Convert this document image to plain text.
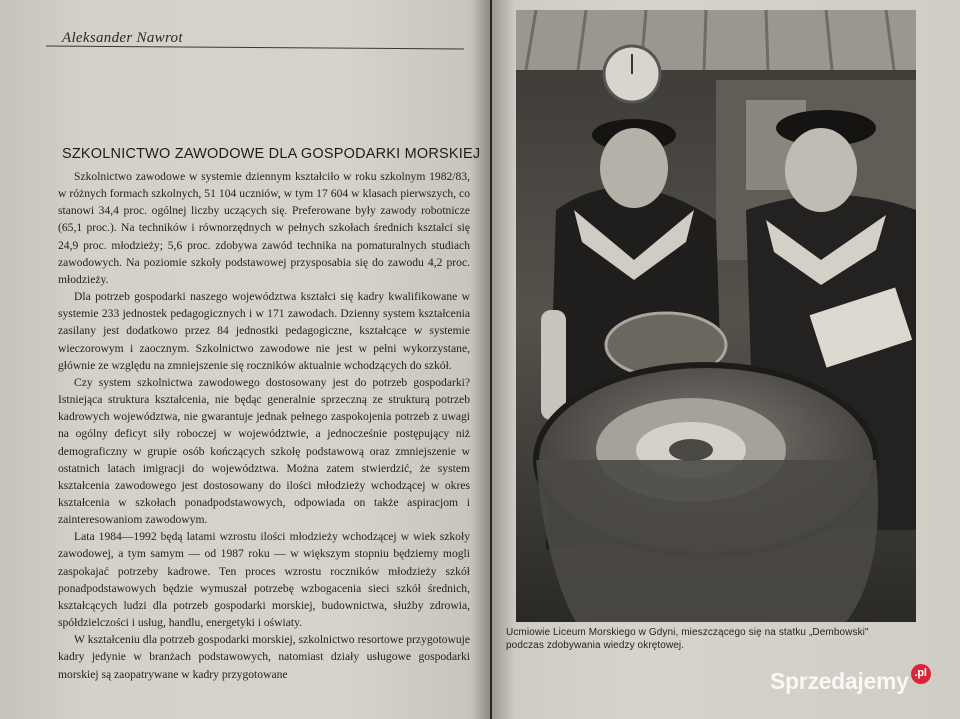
Aleksander Nawrot
SZKOLNICTWO ZAWODOWE DLA GOSPODARKI MORSKIEJ

Szkolnictwo zawodowe w systemie dziennym kształciło w roku szkolnym 1982/83, w różnych formach szkolnych, 51 104 uczniów, w tym 17 604 w klasach pierwszych, co stanowi 34,4 proc. ogólnej liczby uczących się. Preferowane były zawody robotnicze (65,1 proc.). Na techników i równorzędnych w pełnych szkołach średnich kształci się 24,9 proc. młodzieży; 5,6 proc. zdobywa zawód technika na pomaturalnych studiach zawodowych. Na poziomie szkoły podstawowej przysposabia się do zawodu 4,2 proc. młodzieży.

Dla potrzeb gospodarki naszego województwa kształci się kadry kwalifikowane w systemie 233 jednostek pedagogicznych i w 171 zawodach. Dzienny system kształcenia zasilany jest dodatkowo przez 84 jednostki pedagogiczne, kształcące w systemie wieczorowym i zaocznym. Szkolnictwo zawodowe nie jest w pełni wykorzystane, głównie ze względu na zmniejszenie się roczników aktualnie wchodzących do szkół.

Czy system szkolnictwa zawodowego dostosowany jest do potrzeb gospodarki? Istniejąca struktura kształcenia, nie będąc generalnie sprzeczną ze strukturą potrzeb kadrowych województwa, nie gwarantuje jednak pełnego zaspokojenia potrzeb z uwagi na ogólny deficyt siły roboczej w województwie, a jednocześnie postępujący niż demograficzny w grupie osób kończących szkołę podstawową oraz zmniejszenie w ostatnich latach imigracji do województwa. Można zatem stwierdzić, że system kształcenia zawodowego jest dostosowany do ilości młodzieży wchodzącej w okres kształcenia w szkołach ponadpodstawowych, odpowiada on także aspiracjom i zainteresowaniom zawodowym.

Lata 1984—1992 będą latami wzrostu ilości młodzieży wchodzącej w wiek szkoły zawodowej, a tym samym — od 1987 roku — w większym stopniu będziemy mogli zaspokajać potrzeby kadrowe. Ten proces wzrostu roczników młodzieży szkół ponadpodstawowych będzie wymuszał potrzebę wzbogacenia sieci szkół średnich, kształcących ludzi dla potrzeb gospodarki morskiej, budownictwa, służby zdrowia, spółdzielczości i usług, handlu, energetyki i oświaty.

W kształceniu dla potrzeb gospodarki morskiej, szkolnictwo resortowe przygotowuje kadry jedynie w branżach podstawowych, natomiast działy usługowe gospodarki morskiej są zaopatrywane w kadry przygotowane

Ucmiowie Liceum Morskiego w Gdyni, mieszczącego się na statku „Dembowski"
podczas zdobywania wiedzy okrętowej.
Sprzedajemy .pl
